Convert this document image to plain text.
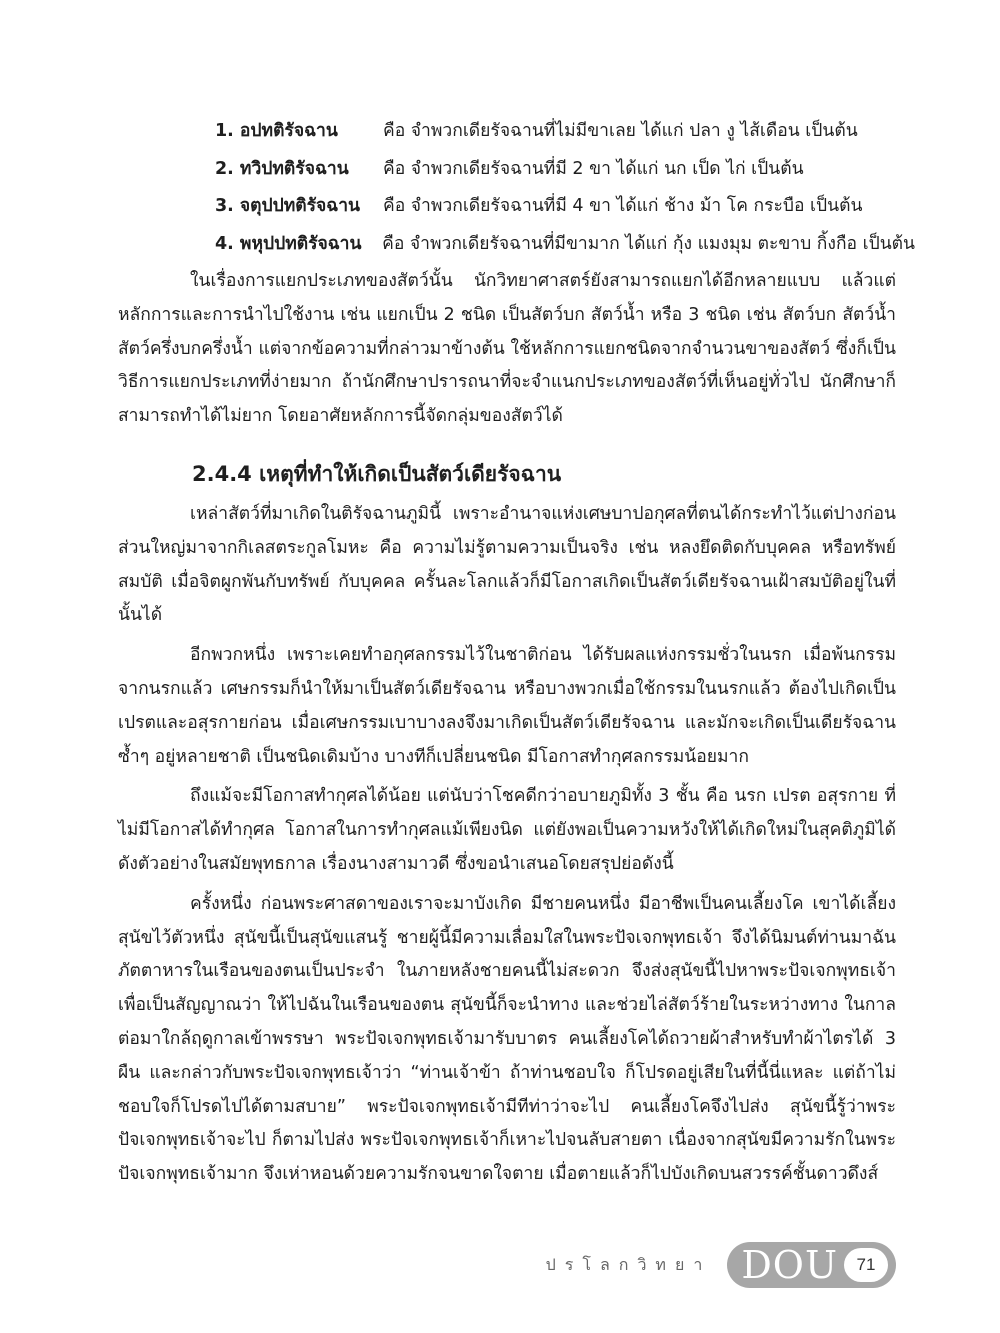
1. อปทติรัจฉาน	คือ จำพวกเดียรัจฉานที่ไม่มีขาเลย ได้แก่ ปลา งู ไส้เดือน เป็นต้น
2. ทวิปทติรัจฉาน	คือ จำพวกเดียรัจฉานที่มี 2 ขา ได้แก่ นก เป็ด ไก่ เป็นต้น
3. จตุปปทติรัจฉาน	คือ จำพวกเดียรัจฉานที่มี 4 ขา ได้แก่ ช้าง ม้า โค กระบือ เป็นต้น
4. พหุปปทติรัจฉาน	คือ จำพวกเดียรัจฉานที่มีขามาก ได้แก่ กุ้ง แมงมุม ตะขาบ กิ้งกือ เป็นต้น

ในเรื่องการแยกประเภทของสัตว์นั้น นักวิทยาศาสตร์ยังสามารถแยกได้อีกหลายแบบ แล้วแต่หลักการและการนำไปใช้งาน เช่น แยกเป็น 2 ชนิด เป็นสัตว์บก สัตว์น้ำ หรือ 3 ชนิด เช่น สัตว์บก สัตว์น้ำ สัตว์ครึ่งบกครึ่งน้ำ แต่จากข้อความที่กล่าวมาข้างต้น ใช้หลักการแยกชนิดจากจำนวนขาของสัตว์ ซึ่งก็เป็นวิธีการแยกประเภทที่ง่ายมาก ถ้านักศึกษาปรารถนาที่จะจำแนกประเภทของสัตว์ที่เห็นอยู่ทั่วไป นักศึกษาก็สามารถทำได้ไม่ยาก โดยอาศัยหลักการนี้จัดกลุ่มของสัตว์ได้

2.4.4 เหตุที่ทำให้เกิดเป็นสัตว์เดียรัจฉาน

เหล่าสัตว์ที่มาเกิดในติรัจฉานภูมินี้ เพราะอำนาจแห่งเศษบาปอกุศลที่ตนได้กระทำไว้แต่ปางก่อน ส่วนใหญ่มาจากกิเลสตระกูลโมหะ คือ ความไม่รู้ตามความเป็นจริง เช่น หลงยึดติดกับบุคคล หรือทรัพย์สมบัติ เมื่อจิตผูกพันกับทรัพย์ กับบุคคล ครั้นละโลกแล้วก็มีโอกาสเกิดเป็นสัตว์เดียรัจฉานเฝ้าสมบัติอยู่ในที่นั้นได้

อีกพวกหนึ่ง เพราะเคยทำอกุศลกรรมไว้ในชาติก่อน ได้รับผลแห่งกรรมชั่วในนรก เมื่อพ้นกรรมจากนรกแล้ว เศษกรรมก็นำให้มาเป็นสัตว์เดียรัจฉาน หรือบางพวกเมื่อใช้กรรมในนรกแล้ว ต้องไปเกิดเป็นเปรตและอสุรกายก่อน เมื่อเศษกรรมเบาบางลงจึงมาเกิดเป็นสัตว์เดียรัจฉาน และมักจะเกิดเป็นเดียรัจฉานซ้ำๆ อยู่หลายชาติ เป็นชนิดเดิมบ้าง บางทีก็เปลี่ยนชนิด มีโอกาสทำกุศลกรรมน้อยมาก

ถึงแม้จะมีโอกาสทำกุศลได้น้อย แต่นับว่าโชคดีกว่าอบายภูมิทั้ง 3 ชั้น คือ นรก เปรต อสุรกาย ที่ไม่มีโอกาสได้ทำกุศล โอกาสในการทำกุศลแม้เพียงนิด แต่ยังพอเป็นความหวังให้ได้เกิดใหม่ในสุคติภูมิได้ ดังตัวอย่างในสมัยพุทธกาล เรื่องนางสามาวดี ซึ่งขอนำเสนอโดยสรุปย่อดังนี้

ครั้งหนึ่ง ก่อนพระศาสดาของเราจะมาบังเกิด มีชายคนหนึ่ง มีอาชีพเป็นคนเลี้ยงโค เขาได้เลี้ยงสุนัขไว้ตัวหนึ่ง สุนัขนี้เป็นสุนัขแสนรู้ ชายผู้นี้มีความเลื่อมใสในพระปัจเจกพุทธเจ้า จึงได้นิมนต์ท่านมาฉันภัตตาหารในเรือนของตนเป็นประจำ ในภายหลังชายคนนี้ไม่สะดวก จึงส่งสุนัขนี้ไปหาพระปัจเจกพุทธเจ้า เพื่อเป็นสัญญาณว่า ให้ไปฉันในเรือนของตน สุนัขนี้ก็จะนำทาง และช่วยไล่สัตว์ร้ายในระหว่างทาง ในกาลต่อมาใกล้ฤดูกาลเข้าพรรษา พระปัจเจกพุทธเจ้ามารับบาตร คนเลี้ยงโคได้ถวายผ้าสำหรับทำผ้าไตรได้ 3 ผืน และกล่าวกับพระปัจเจกพุทธเจ้าว่า “ท่านเจ้าข้า ถ้าท่านชอบใจ ก็โปรดอยู่เสียในที่นี้นี่แหละ แต่ถ้าไม่ชอบใจก็โปรดไปได้ตามสบาย” พระปัจเจกพุทธเจ้ามีทีท่าว่าจะไป คนเลี้ยงโคจึงไปส่ง สุนัขนี้รู้ว่าพระปัจเจกพุทธเจ้าจะไป ก็ตามไปส่ง พระปัจเจกพุทธเจ้าก็เหาะไปจนลับสายตา เนื่องจากสุนัขมีความรักในพระปัจเจกพุทธเจ้ามาก จึงเห่าหอนด้วยความรักจนขาดใจตาย เมื่อตายแล้วก็ไปบังเกิดบนสวรรค์ชั้นดาวดึงส์

ปรโลกวิทยา DOU	71
